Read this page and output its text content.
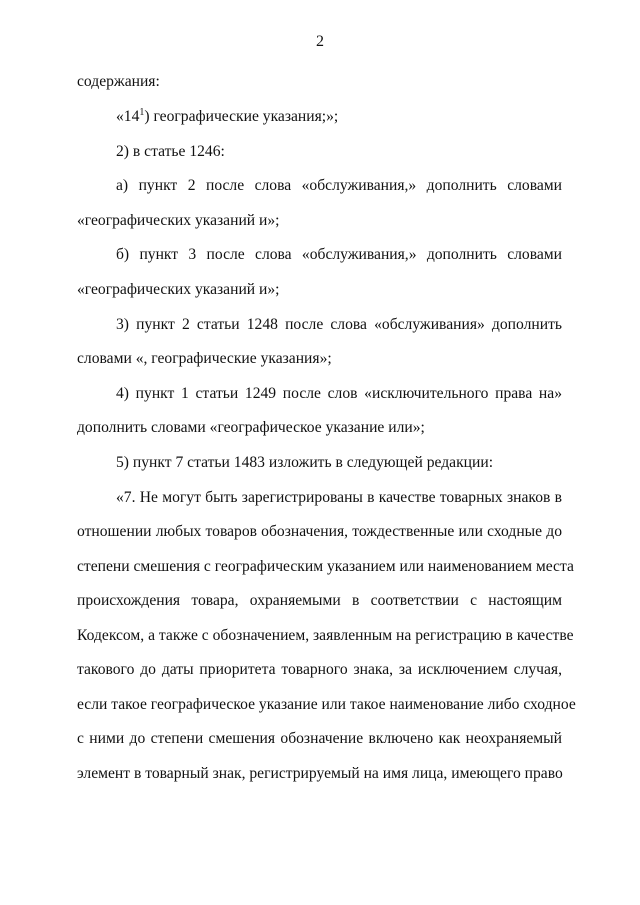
2
содержания:
«$14^1$) географические указания;»;
2) в статье 1246:
а) пункт 2 после слова «обслуживания,» дополнить словами
«географических указаний и»;
б) пункт 3 после слова «обслуживания,» дополнить словами
«географических указаний и»;
3) пункт 2 статьи 1248 после слова «обслуживания» дополнить
словами «, географические указания»;
4) пункт 1 статьи 1249 после слов «исключительного права на»
дополнить словами «географическое указание или»;
5) пункт 7 статьи 1483 изложить в следующей редакции:
«7. Не могут быть зарегистрированы в качестве товарных знаков в
отношении любых товаров обозначения, тождественные или сходные до
степени смешения с географическим указанием или наименованием места
происхождения товара, охраняемыми в соответствии с настоящим
Кодексом, а также с обозначением, заявленным на регистрацию в качестве
такового до даты приоритета товарного знака, за исключением случая,
если такое географическое указание или такое наименование либо сходное
с ними до степени смешения обозначение включено как неохраняемый
элемент в товарный знак, регистрируемый на имя лица, имеющего право
